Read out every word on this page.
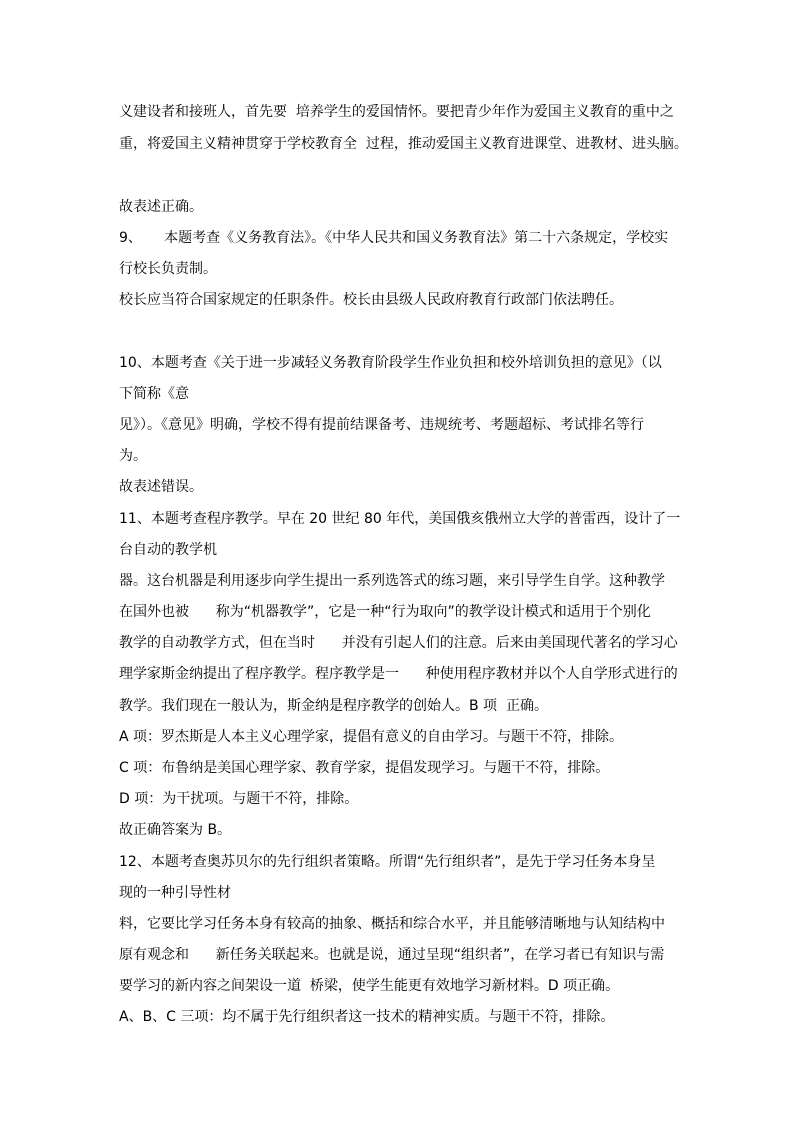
义建设者和接班人，首先要  培养学生的爱国情怀。要把青少年作为爱国主义教育的重中之
重，将爱国主义精神贯穿于学校教育全  过程，推动爱国主义教育进课堂、进教材、进头脑。
故表述正确。
9、     本题考查《义务教育法》。《中华人民共和国义务教育法》第二十六条规定，学校实
行校长负责制。
校长应当符合国家规定的任职条件。校长由县级人民政府教育行政部门依法聘任。
10、本题考查《关于进一步减轻义务教育阶段学生作业负担和校外培训负担的意见》（以
下简称《意
见》）。《意见》明确，学校不得有提前结课备考、违规统考、考题超标、考试排名等行
为。
故表述错误。
11、本题考查程序教学。早在 20 世纪 80 年代，美国俄亥俄州立大学的普雷西，设计了一
台自动的教学机
器。这台机器是利用逐步向学生提出一系列选答式的练习题，来引导学生自学。这种教学
在国外也被      称为“机器教学”，它是一种“行为取向”的教学设计模式和适用于个别化
教学的自动教学方式，但在当时      并没有引起人们的注意。后来由美国现代著名的学习心
理学家斯金纳提出了程序教学。程序教学是一      种使用程序教材并以个人自学形式进行的
教学。我们现在一般认为，斯金纳是程序教学的创始人。B 项  正确。
A 项：罗杰斯是人本主义心理学家，提倡有意义的自由学习。与题干不符，排除。
C 项：布鲁纳是美国心理学家、教育学家，提倡发现学习。与题干不符，排除。
D 项：为干扰项。与题干不符，排除。
故正确答案为 B。
12、本题考查奥苏贝尔的先行组织者策略。所谓“先行组织者”，是先于学习任务本身呈
现的一种引导性材
料，它要比学习任务本身有较高的抽象、概括和综合水平，并且能够清晰地与认知结构中
原有观念和      新任务关联起来。也就是说，通过呈现“组织者”，在学习者已有知识与需
要学习的新内容之间架设一道  桥梁，使学生能更有效地学习新材料。D 项正确。
A、B、C 三项：均不属于先行组织者这一技术的精神实质。与题干不符，排除。
